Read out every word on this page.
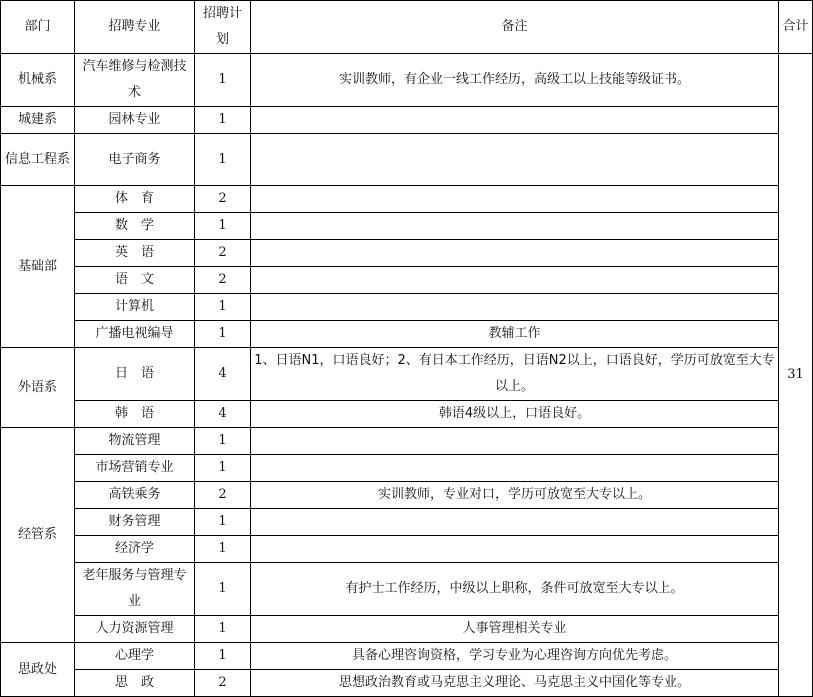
部门	招聘专业	招聘计划	备注	合计
机械系	汽车维修与检测技术	1	实训教师，有企业一线工作经历，高级工以上技能等级证书。	31
城建系	园林专业	1		
信息工程系	电子商务	1		
基础部	体　育	2		
	数　学	1		
	英　语	2		
	语　文	2		
	计算机	1		
	广播电视编导	1	教辅工作	
外语系	日　语	4	1、日语N1，口语良好；2、有日本工作经历，日语N2以上，口语良好，学历可放宽至大专以上。	
	韩　语	4	韩语4级以上，口语良好。	
经管系	物流管理	1		
	市场营销专业	1		
	高铁乘务	2	实训教师，专业对口，学历可放宽至大专以上。	
	财务管理	1		
	经济学	1		
	老年服务与管理专业	1	有护士工作经历，中级以上职称，条件可放宽至大专以上。	
	人力资源管理	1	人事管理相关专业	
思政处	心理学	1	具备心理咨询资格，学习专业为心理咨询方向优先考虑。	
	思　政	2	思想政治教育或马克思主义理论、马克思主义中国化等专业。	
